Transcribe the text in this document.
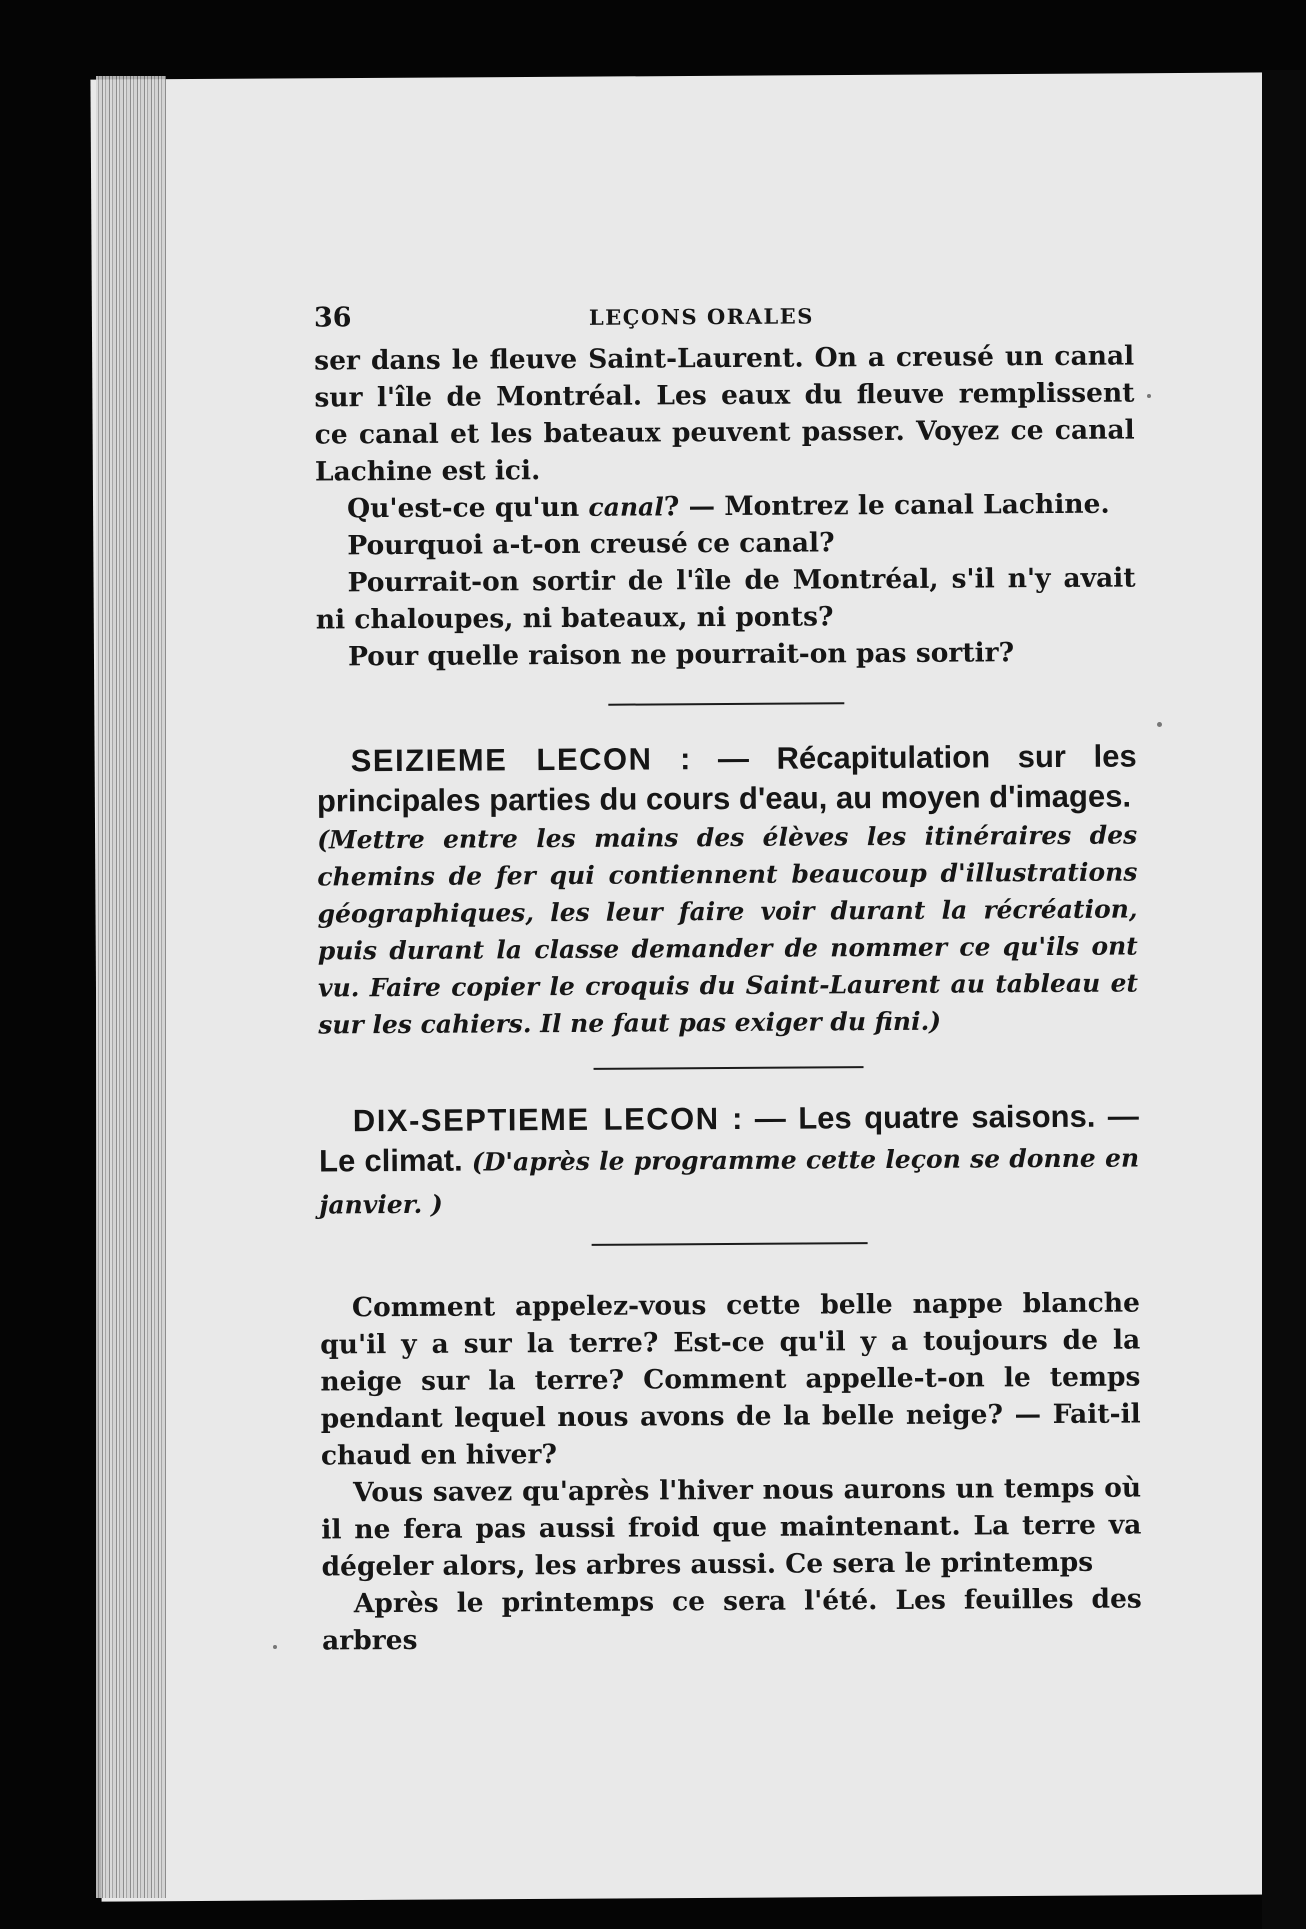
36	LEÇONS ORALES

ser dans le fleuve Saint-Laurent. On a creusé un canal sur l'île de Montréal. Les eaux du fleuve remplissent ce canal et les bateaux peuvent passer. Voyez ce canal Lachine est ici.

Qu'est-ce qu'un canal? — Montrez le canal Lachine.

Pourquoi a-t-on creusé ce canal?

Pourrait-on sortir de l'île de Montréal, s'il n'y avait ni chaloupes, ni bateaux, ni ponts?

Pour quelle raison ne pourrait-on pas sortir?

SEIZIEME LECON : — Récapitulation sur les principales parties du cours d'eau, au moyen d'images.

(Mettre entre les mains des élèves les itinéraires des chemins de fer qui contiennent beaucoup d'illustrations géographiques, les leur faire voir durant la récréation, puis durant la classe demander de nommer ce qu'ils ont vu. Faire copier le croquis du Saint-Laurent au tableau et sur les cahiers. Il ne faut pas exiger du fini.)

DIX-SEPTIEME LECON : — Les quatre saisons. — Le climat. (D'après le programme cette leçon se donne en janvier. )

Comment appelez-vous cette belle nappe blanche qu'il y a sur la terre? Est-ce qu'il y a toujours de la neige sur la terre? Comment appelle-t-on le temps pendant lequel nous avons de la belle neige? — Fait-il chaud en hiver?

Vous savez qu'après l'hiver nous aurons un temps où il ne fera pas aussi froid que maintenant. La terre va dégeler alors, les arbres aussi. Ce sera le printemps

Après le printemps ce sera l'été. Les feuilles des arbres
